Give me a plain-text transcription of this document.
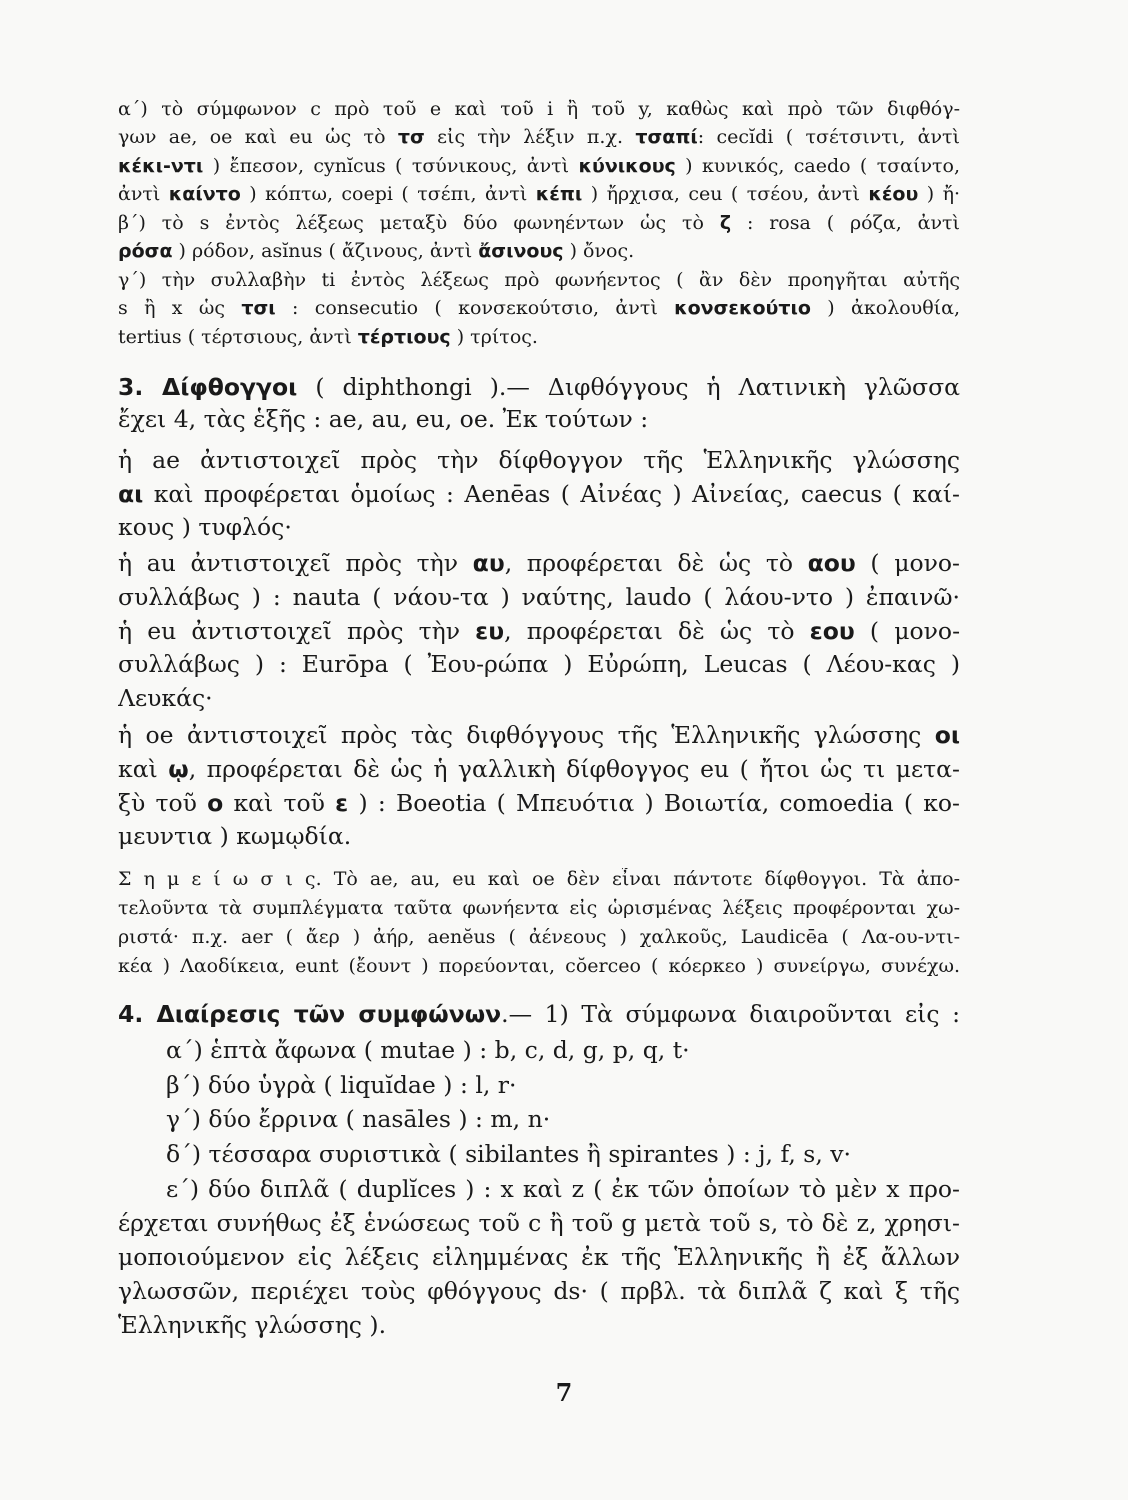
7
α΄) τὸ σύμφωνον c πρὸ τοῦ e καὶ τοῦ i ἢ τοῦ y, καθὼς καὶ πρὸ τῶν διφθόγ-
γων ae, oe καὶ eu ὡς τὸ τσ εἰς τὴν λέξιν π.χ. τσαπί: cecĭdi ( τσέτσιντι, ἀντὶ
κέκι-ντι ) ἔπεσον, cynĭcus ( τσύνικους, ἀντὶ κύνικους ) κυνικός, caedo ( τσαίντο,
ἀντὶ καίντο ) κόπτω, coepi ( τσέπι, ἀντὶ κέπι ) ἤρχισα, ceu ( τσέου, ἀντὶ κέου ) ἤ·
β΄) τὸ s ἐντὸς λέξεως μεταξὺ δύο φωνηέντων ὡς τὸ ζ : rosa ( ρόζα, ἀντὶ
ρόσα ) ρόδον, asĭnus ( ἄζινους, ἀντὶ ἄσινους ) ὄνος.
γ΄) τὴν συλλαβὴν ti ἐντὸς λέξεως πρὸ φωνήεντος ( ἂν δὲν προηγῆται αὐτῆς
s ἢ x ὡς τσι : consecutio ( κονσεκούτσιο, ἀντὶ κονσεκούτιο ) ἀκολουθία,
tertius ( τέρτσιους, ἀντὶ τέρτιους ) τρίτος.
3. Δίφθογγοι ( diphthongi ).— Διφθόγγους ἡ Λατινικὴ γλῶσσα
ἔχει 4, τὰς ἑξῆς : ae, au, eu, oe. Ἐκ τούτων :
ἡ ae ἀντιστοιχεῖ πρὸς τὴν δίφθογγον τῆς Ἑλληνικῆς γλώσσης
αι καὶ προφέρεται ὁμοίως : Aenēas ( Αἰνέας ) Αἰνείας, caecus ( καί-
κους ) τυφλός·
ἡ au ἀντιστοιχεῖ πρὸς τὴν αυ, προφέρεται δὲ ὡς τὸ αου ( μονο-
συλλάβως ) : nauta ( νάου-τα ) ναύτης, laudo ( λάου-ντο ) ἐπαινῶ·
ἡ eu ἀντιστοιχεῖ πρὸς τὴν ευ, προφέρεται δὲ ὡς τὸ εου ( μονο-
συλλάβως ) : Eurōpa ( Ἐου-ρώπα ) Εὐρώπη, Leucas ( Λέου-κας )
Λευκάς·
ἡ oe ἀντιστοιχεῖ πρὸς τὰς διφθόγγους τῆς Ἑλληνικῆς γλώσσης οι
καὶ ῳ, προφέρεται δὲ ὡς ἡ γαλλικὴ δίφθογγος eu ( ἤτοι ὡς τι μετα-
ξὺ τοῦ ο καὶ τοῦ ε ) : Boeotia ( Μπευότια ) Βοιωτία, comoedia ( κο-
μευντια ) κωμῳδία.
Σ η μ ε ί ω σ ι ς. Τὸ ae, au, eu καὶ oe δὲν εἶναι πάντοτε δίφθογγοι. Τὰ ἀπο-
τελοῦντα τὰ συμπλέγματα ταῦτα φωνήεντα εἰς ὡρισμένας λέξεις προφέρονται χω-
ριστά· π.χ. aer ( ἄερ ) ἀήρ, aenĕus ( ἀένεους ) χαλκοῦς, Laudicēa ( Λα-ου-ντι-
κέα ) Λαοδίκεια, eunt (ἔουντ ) πορεύονται, cŏerceo ( κόερκεο ) συνείργω, συνέχω.
4. Διαίρεσις τῶν συμφώνων.— 1) Τὰ σύμφωνα διαιροῦνται εἰς :
α΄) ἑπτὰ ἄφωνα ( mutae ) : b, c, d, g, p, q, t·
β΄) δύο ὑγρὰ ( liquĭdae ) : l, r·
γ΄) δύο ἔρρινα ( nasāles ) : m, n·
δ΄) τέσσαρα συριστικὰ ( sibilantes ἢ spirantes ) : j, f, s, v·
ε΄) δύο διπλᾶ ( duplĭces ) : x καὶ z ( ἐκ τῶν ὁποίων τὸ μὲν x προ-
έρχεται συνήθως ἐξ ἑνώσεως τοῦ c ἢ τοῦ g μετὰ τοῦ s, τὸ δὲ z, χρησι-
μοποιούμενον εἰς λέξεις εἰλημμένας ἐκ τῆς Ἑλληνικῆς ἢ ἐξ ἄλλων
γλωσσῶν, περιέχει τοὺς φθόγγους ds· ( πρβλ. τὰ διπλᾶ ζ καὶ ξ τῆς
Ἑλληνικῆς γλώσσης ).
